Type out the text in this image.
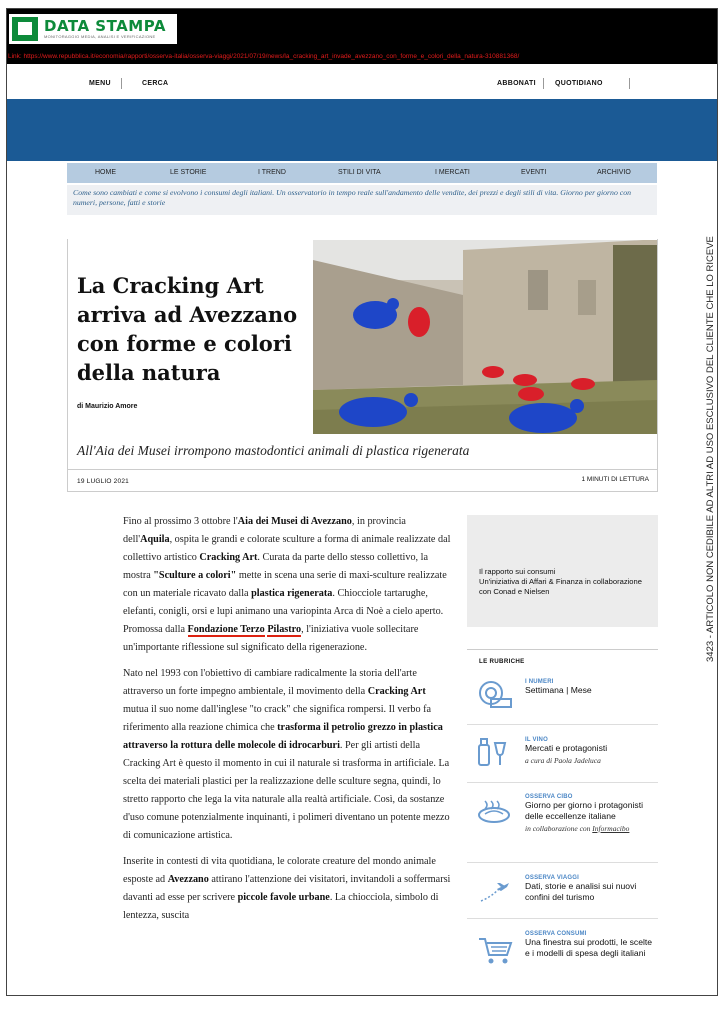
DATA STAMPA
MONITORAGGIO MEDIA, ANALISI E VERIFICAZIONE
Link: https://www.repubblica.it/economia/rapporti/osserva-italia/osserva-viaggi/2021/07/19/news/la_cracking_art_invade_avezzano_con_forme_e_colori_della_natura-310881368/
MENU	CERCA	ABBONATI	QUOTIDIANO
HOME	LE STORIE	I TREND	STILI DI VITA	I MERCATI	EVENTI	ARCHIVIO
Come sono cambiati e come si evolvono i consumi degli italiani. Un osservatorio in tempo reale sull'andamento delle vendite, dei prezzi e degli stili di vita. Giorno per giorno con numeri, persone, fatti e storie
La Cracking Art arriva ad Avezzano con forme e colori della natura
di Maurizio Amore
All'Aia dei Musei irrompono mastodontici animali di plastica rigenerata
19 LUGLIO 2021	1 MINUTI DI LETTURA

Fino al prossimo 3 ottobre l'Aia dei Musei di Avezzano, in provincia dell'Aquila, ospita le grandi e colorate sculture a forma di animale realizzate dal collettivo artistico Cracking Art. Curata da parte dello stesso collettivo, la mostra "Sculture a colori" mette in scena una serie di maxi-sculture realizzate con un materiale ricavato dalla plastica rigenerata. Chiocciole tartarughe, elefanti, conigli, orsi e lupi animano una variopinta Arca di Noè a cielo aperto. Promossa dalla Fondazione Terzo Pilastro, l'iniziativa vuole sollecitare un'importante riflessione sul significato della rigenerazione.

Nato nel 1993 con l'obiettivo di cambiare radicalmente la storia dell'arte attraverso un forte impegno ambientale, il movimento della Cracking Art mutua il suo nome dall'inglese "to crack" che significa rompersi. Il verbo fa riferimento alla reazione chimica che trasforma il petrolio grezzo in plastica attraverso la rottura delle molecole di idrocarburi. Per gli artisti della Cracking Art è questo il momento in cui il naturale si trasforma in artificiale. La scelta dei materiali plastici per la realizzazione delle sculture segna, quindi, lo stretto rapporto che lega la vita naturale alla realtà artificiale. Così, da sostanze d'uso comune potenzialmente inquinanti, i polimeri diventano un potente mezzo di comunicazione artistica.

Inserite in contesti di vita quotidiana, le colorate creature del mondo animale esposte ad Avezzano attirano l'attenzione dei visitatori, invitandoli a soffermarsi davanti ad esse per scrivere piccole favole urbane. La chiocciola, simbolo di lentezza, suscita

Il rapporto sui consumi
Un'iniziativa di Affari & Finanza in collaborazione con Conad e Nielsen
LE RUBRICHE
I NUMERI
Settimana | Mese
IL VINO
Mercati e protagonisti
a cura di Paola Jadeluca
OSSERVA CIBO
Giorno per giorno i protagonisti delle eccellenze italiane
in collaborazione con Informacibo
OSSERVA VIAGGI
Dati, storie e analisi sui nuovi confini del turismo
OSSERVA CONSUMI
Una finestra sui prodotti, le scelte e i modelli di spesa degli italiani
3423 - ARTICOLO NON CEDIBILE AD ALTRI AD USO ESCLUSIVO DEL CLIENTE CHE LO RICEVE
